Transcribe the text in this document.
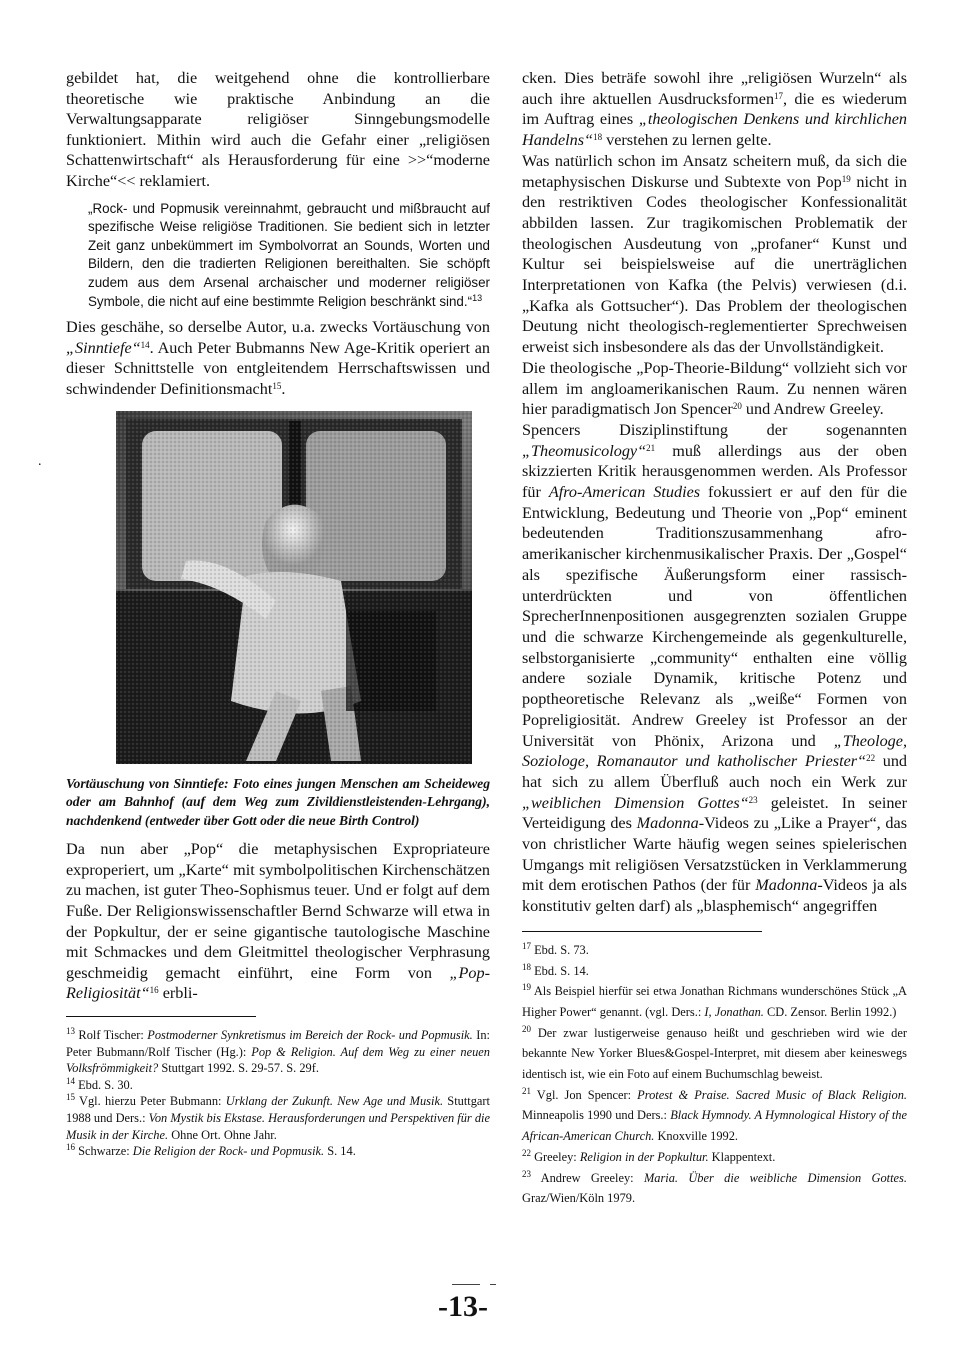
.

gebildet hat, die weitgehend ohne die kontrollierbare theoretische wie praktische Anbindung an die Verwaltungsapparate religiöser Sinngebungsmodelle funktioniert. Mithin wird auch die Gefahr einer „religiösen Schattenwirtschaft“ als Herausforderung für eine >>“moderne Kirche“<< reklamiert.

„Rock- und Popmusik vereinnahmt, gebraucht und mißbraucht auf spezifische Weise religiöse Traditionen. Sie bedient sich in letzter Zeit ganz unbekümmert im Symbolvorrat an Sounds, Worten und Bildern, den die tradierten Religionen bereithalten. Sie schöpft zudem aus dem Arsenal archaischer und moderner religiöser Symbole, die nicht auf eine bestimmte Religion beschränkt sind.“$^{13}$

Dies geschähe, so derselbe Autor, u.a. zwecks Vortäuschung von „Sinntiefe“$^{14}$. Auch Peter Bubmanns New Age-Kritik operiert an dieser Schnittstelle von entgleitendem Herrschaftswissen und schwindender Definitionsmacht$^{15}$.

Vortäuschung von Sinntiefe: Foto eines jungen Menschen am Scheideweg oder am Bahnhof (auf dem Weg zum Zivildienstleistenden-Lehrgang), nachdenkend (entweder über Gott oder die neue Birth Control)

Da nun aber „Pop“ die metaphysischen Expropriateure exproperiert, um „Karte“ mit symbolpolitischen Kirchenschätzen zu machen, ist guter Theo-Sophismus teuer. Und er folgt auf dem Fuße. Der Religionswissenschaftler Bernd Schwarze will etwa in der Popkultur, der er seine gigantische tautologische Maschine mit Schmackes und dem Gleitmittel theologischer Verphrasung geschmeidig gemacht einführt, eine Form von „Pop-Religiosität“$^{16}$ erbli-

$^{13}$ Rolf Tischer: Postmoderner Synkretismus im Bereich der Rock- und Popmusik. In: Peter Bubmann/Rolf Tischer (Hg.): Pop & Religion. Auf dem Weg zu einer neuen Volksfrömmigkeit? Stuttgart 1992. S. 29-57. S. 29f.

$^{14}$ Ebd. S. 30.

$^{15}$ Vgl. hierzu Peter Bubmann: Urklang der Zukunft. New Age und Musik. Stuttgart 1988 und Ders.: Von Mystik bis Ekstase. Herausforderungen und Perspektiven für die Musik in der Kirche. Ohne Ort. Ohne Jahr.

$^{16}$ Schwarze: Die Religion der Rock- und Popmusik. S. 14.

cken. Dies beträfe sowohl ihre „religiösen Wurzeln“ als auch ihre aktuellen Ausdrucksformen$^{17}$, die es wiederum im Auftrag eines „theologischen Denkens und kirchlichen Handelns“$^{18}$ verstehen zu lernen gelte.

Was natürlich schon im Ansatz scheitern muß, da sich die metaphysischen Diskurse und Subtexte von Pop$^{19}$ nicht in den restriktiven Codes theologischer Konfessionalität abbilden lassen. Zur tragikomischen Problematik der theologischen Ausdeutung von „profaner“ Kunst und Kultur sei beispielsweise auf die unerträglichen Interpretationen von Kafka (the Pelvis) verwiesen (d.i. „Kafka als Gottsucher“). Das Problem der theologischen Deutung nicht theologisch-reglementierter Sprechweisen erweist sich insbesondere als das der Unvollständigkeit.

Die theologische „Pop-Theorie-Bildung“ vollzieht sich vor allem im angloamerikanischen Raum. Zu nennen wären hier paradigmatisch Jon Spencer$^{20}$ und Andrew Greeley.

Spencers Disziplinstiftung der sogenannten „Theomusicology“$^{21}$ muß allerdings aus der oben skizzierten Kritik herausgenommen werden. Als Professor für Afro-American Studies fokussiert er auf den für die Entwicklung, Bedeutung und Theorie von „Pop“ eminent bedeutenden Traditionszusammenhang afro-amerikanischer kirchenmusikalischer Praxis. Der „Gospel“ als spezifische Äußerungsform einer rassisch-unterdrückten und von öffentlichen SprecherInnenpositionen ausgegrenzten sozialen Gruppe und die schwarze Kirchengemeinde als gegenkulturelle, selbstorganisierte „community“ enthalten eine völlig andere soziale Dynamik, kritische Potenz und poptheoretische Relevanz als „weiße“ Formen von Popreligiosität. Andrew Greeley ist Professor an der Universität von Phönix, Arizona und „Theologe, Soziologe, Romanautor und katholischer Priester“$^{22}$ und hat sich zu allem Überfluß auch noch ein Werk zur „weiblichen Dimension Gottes“$^{23}$ geleistet. In seiner Verteidigung des Madonna-Videos zu „Like a Prayer“, das von christlicher Warte häufig wegen seines spielerischen Umgangs mit religiösen Versatzstücken in Verklammerung mit dem erotischen Pathos (der für Madonna-Videos ja als konstitutiv gelten darf) als „blasphemisch“ angegriffen

$^{17}$ Ebd. S. 73.

$^{18}$ Ebd. S. 14.

$^{19}$ Als Beispiel hierfür sei etwa Jonathan Richmans wunderschönes Stück „A Higher Power“ genannt. (vgl. Ders.: I, Jonathan. CD. Zensor. Berlin 1992.)

$^{20}$ Der zwar lustigerweise genauso heißt und geschrieben wird wie der bekannte New Yorker Blues&Gospel-Interpret, mit diesem aber keineswegs identisch ist, wie ein Foto auf einem Buchumschlag beweist.

$^{21}$ Vgl. Jon Spencer: Protest & Praise. Sacred Music of Black Religion. Minneapolis 1990 und Ders.: Black Hymnody. A Hymnological History of the African-American Church. Knoxville 1992.

$^{22}$ Greeley: Religion in der Popkultur. Klappentext.

$^{23}$ Andrew Greeley: Maria. Über die weibliche Dimension Gottes. Graz/Wien/Köln 1979.

-13-
